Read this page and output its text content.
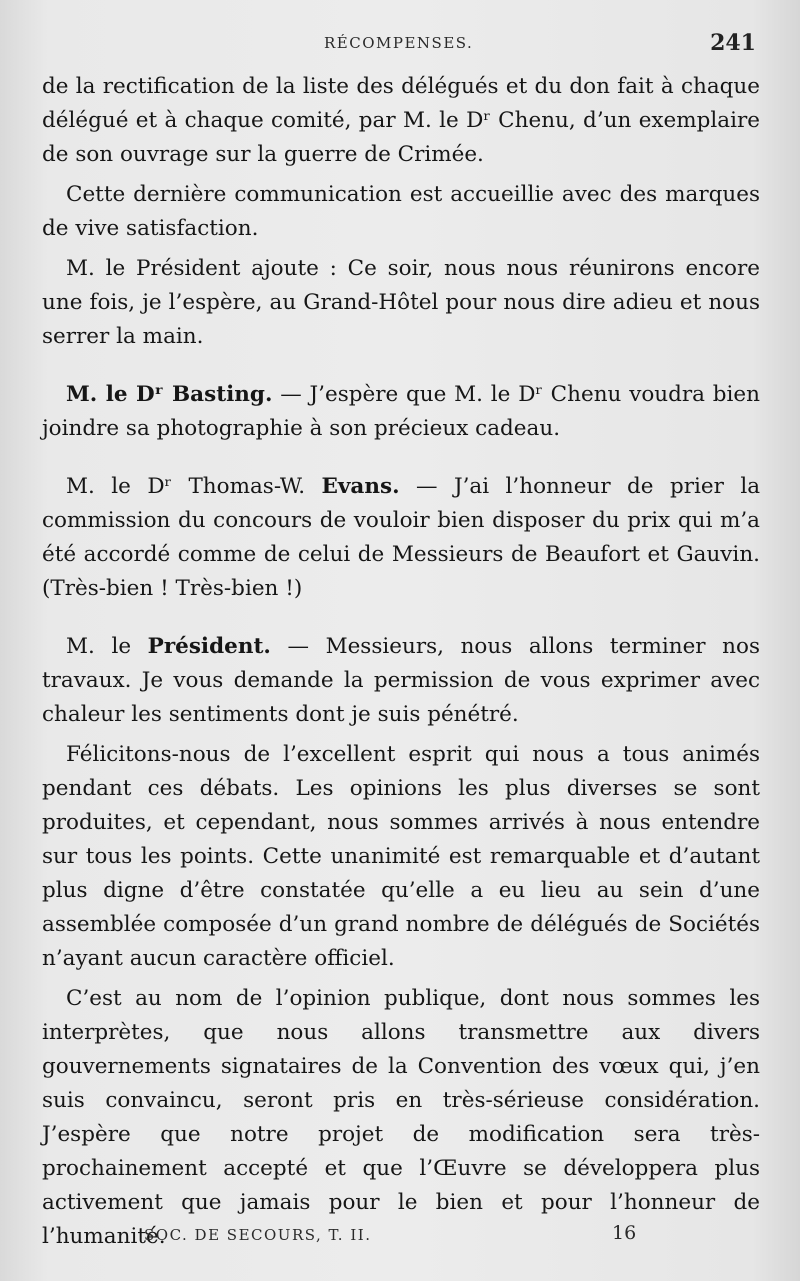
RÉCOMPENSES.	241

de la rectification de la liste des délégués et du don fait à chaque délégué et à chaque comité, par M. le Dʳ Chenu, d’un exemplaire de son ouvrage sur la guerre de Crimée.

Cette dernière communication est accueillie avec des marques de vive satisfaction.

M. le Président ajoute : Ce soir, nous nous réunirons encore une fois, je l’espère, au Grand-Hôtel pour nous dire adieu et nous serrer la main.

M. le Dʳ Basting. — J’espère que M. le Dʳ Chenu voudra bien joindre sa photographie à son précieux cadeau.

M. le Dʳ Thomas-W. Evans. — J’ai l’honneur de prier la commission du concours de vouloir bien disposer du prix qui m’a été accordé comme de celui de Messieurs de Beaufort et Gauvin. (Très-bien ! Très-bien !)

M. le Président. — Messieurs, nous allons terminer nos travaux. Je vous demande la permission de vous exprimer avec chaleur les sentiments dont je suis pénétré.

Félicitons-nous de l’excellent esprit qui nous a tous animés pendant ces débats. Les opinions les plus diverses se sont produites, et cependant, nous sommes arrivés à nous entendre sur tous les points. Cette unanimité est remarquable et d’autant plus digne d’être constatée qu’elle a eu lieu au sein d’une assemblée composée d’un grand nombre de délégués de Sociétés n’ayant aucun caractère officiel.

C’est au nom de l’opinion publique, dont nous sommes les interprètes, que nous allons transmettre aux divers gouvernements signataires de la Convention des vœux qui, j’en suis convaincu, seront pris en très-sérieuse considération. J’espère que notre projet de modification sera très-prochainement accepté et que l’Œuvre se développera plus activement que jamais pour le bien et pour l’honneur de l’humanité.

SOC. DE SECOURS, T. II.	16
